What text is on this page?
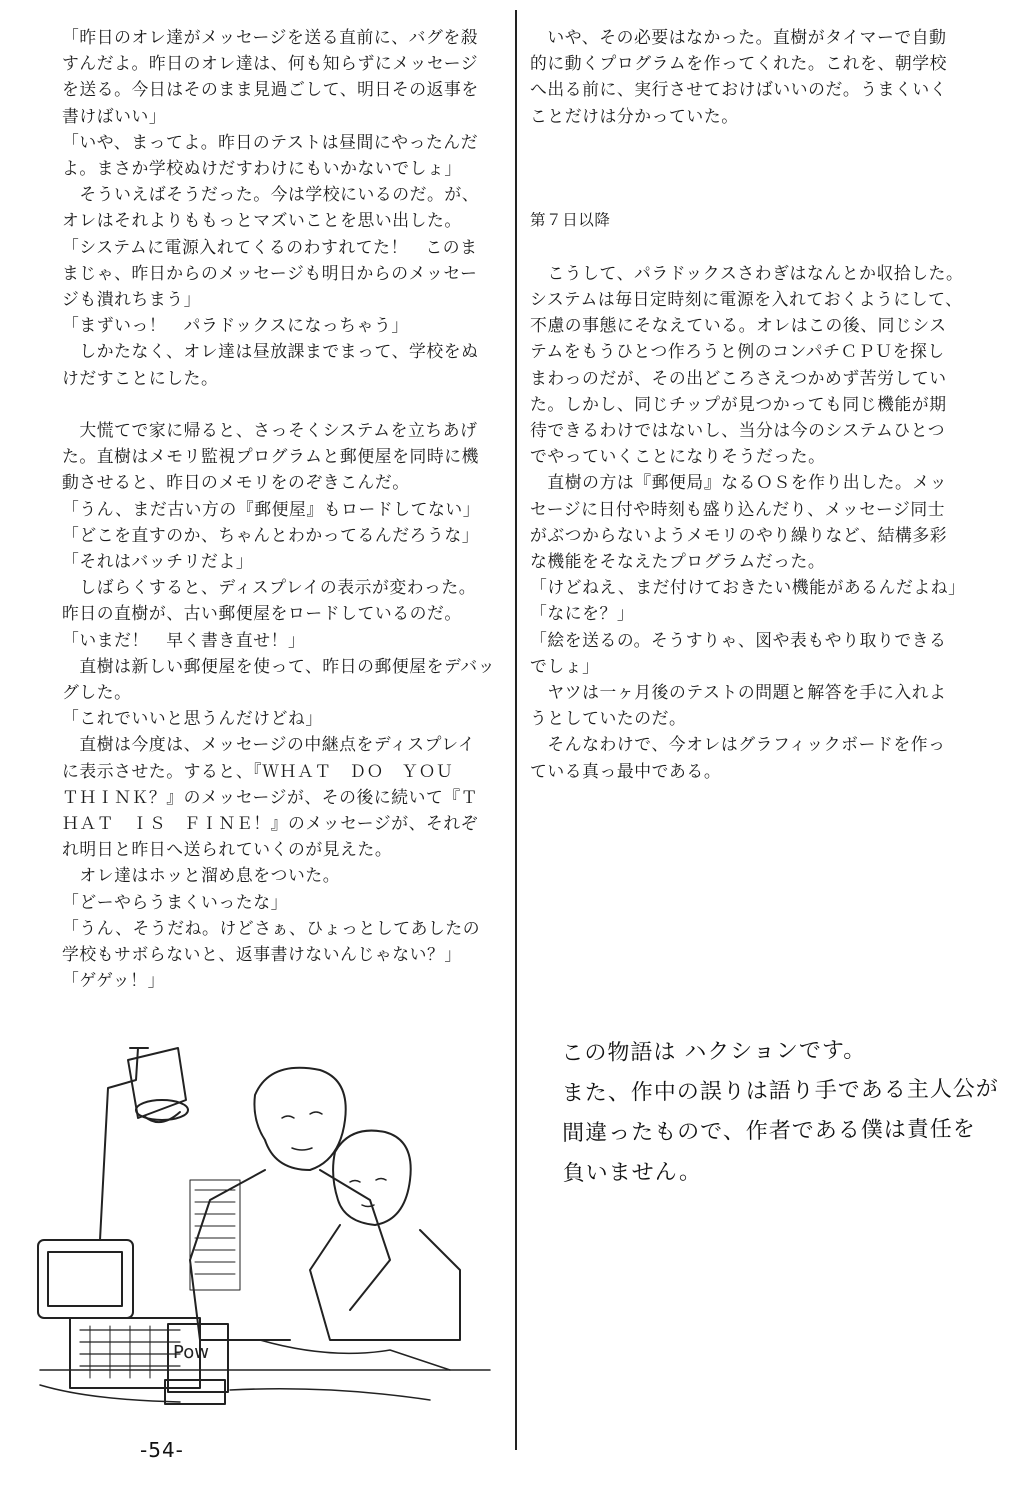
「昨日のオレ達がメッセージを送る直前に、バグを殺

すんだよ。昨日のオレ達は、何も知らずにメッセージ

を送る。今日はそのまま見過ごして、明日その返事を

書けばいい」

「いや、まってよ。昨日のテストは昼間にやったんだ

よ。まさか学校ぬけだすわけにもいかないでしょ」

　そういえばそうだった。今は学校にいるのだ。が、

オレはそれよりももっとマズいことを思い出した。

「システムに電源入れてくるのわすれてた！　このま

まじゃ、昨日からのメッセージも明日からのメッセー

ジも潰れちまう」

「まずいっ！　パラドックスになっちゃう」

　しかたなく、オレ達は昼放課までまって、学校をぬ

けだすことにした。

　大慌てで家に帰ると、さっそくシステムを立ちあげ

た。直樹はメモリ監視プログラムと郵便屋を同時に機

動させると、昨日のメモリをのぞきこんだ。

「うん、まだ古い方の『郵便屋』もロードしてない」

「どこを直すのか、ちゃんとわかってるんだろうな」

「それはバッチリだよ」

　しばらくすると、ディスプレイの表示が変わった。

昨日の直樹が、古い郵便屋をロードしているのだ。

「いまだ！　早く書き直せ！」

　直樹は新しい郵便屋を使って、昨日の郵便屋をデバッ

グした。

「これでいいと思うんだけどね」

　直樹は今度は、メッセージの中継点をディスプレイ

に表示させた。すると、『ＷＨＡＴ　ＤＯ　ＹＯＵ

ＴＨＩＮＫ？』のメッセージが、その後に続いて『Ｔ

ＨＡＴ　ＩＳ　ＦＩＮＥ！』のメッセージが、それぞ

れ明日と昨日へ送られていくのが見えた。

　オレ達はホッと溜め息をついた。

「どーやらうまくいったな」

「うん、そうだね。けどさぁ、ひょっとしてあしたの

学校もサボらないと、返事書けないんじゃない？」

「ゲゲッ！」

　いや、その必要はなかった。直樹がタイマーで自動

的に動くプログラムを作ってくれた。これを、朝学校

へ出る前に、実行させておけばいいのだ。うまくいく

ことだけは分かっていた。

第７日以降

　こうして、パラドックスさわぎはなんとか収拾した。

システムは毎日定時刻に電源を入れておくようにして、

不慮の事態にそなえている。オレはこの後、同じシス

テムをもうひとつ作ろうと例のコンパチＣＰＵを探し

まわっのだが、その出どころさえつかめず苦労してい

た。しかし、同じチップが見つかっても同じ機能が期

待できるわけではないし、当分は今のシステムひとつ

でやっていくことになりそうだった。

　直樹の方は『郵便局』なるＯＳを作り出した。メッ

セージに日付や時刻も盛り込んだり、メッセージ同士

がぶつからないようメモリのやり繰りなど、結構多彩

な機能をそなえたプログラムだった。

「けどねえ、まだ付けておきたい機能があるんだよね」

「なにを？」

「絵を送るの。そうすりゃ、図や表もやり取りできる

でしょ」

　ヤツは一ヶ月後のテストの問題と解答を手に入れよ

うとしていたのだ。

　そんなわけで、今オレはグラフィックボードを作っ

ている真っ最中である。

Pow

この物語は ハクションです。

また、作中の誤りは語り手である主人公が

間違ったもので、作者である僕は責任を

負いません。

-54-
